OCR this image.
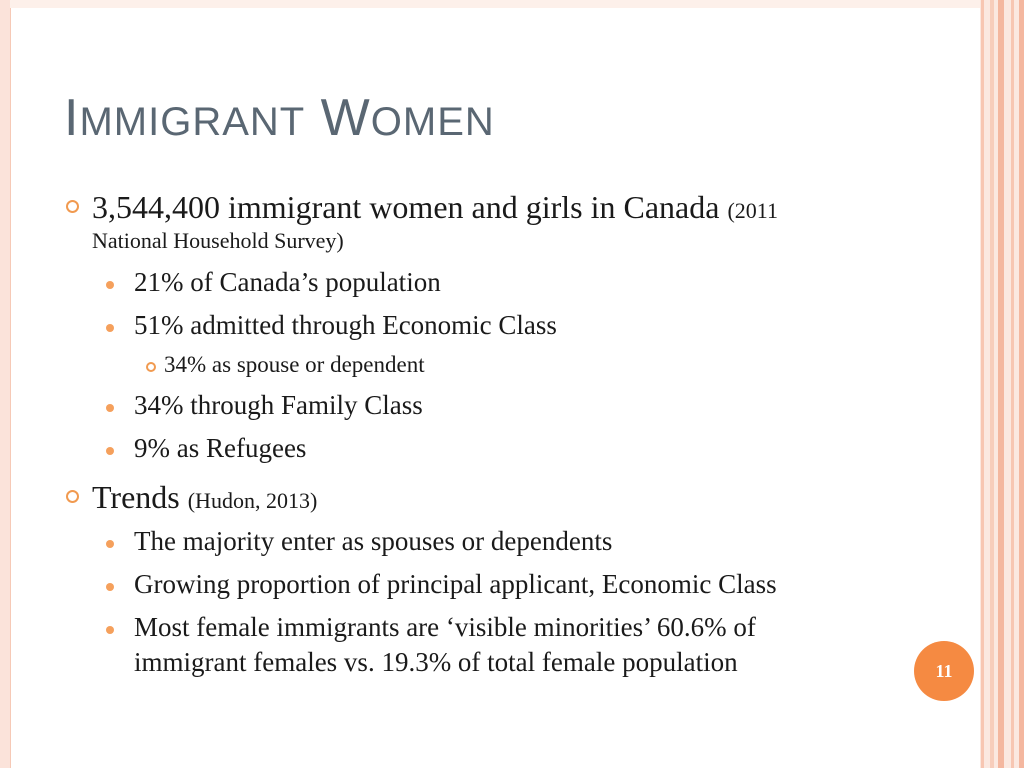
IMMIGRANT WOMEN
3,544,400 immigrant women and girls in Canada (2011
National Household Survey)
21% of Canada’s population
51% admitted through Economic Class
34% as spouse or dependent
34% through Family Class
9% as Refugees
Trends (Hudon, 2013)
The majority enter as spouses or dependents
Growing proportion of principal applicant, Economic Class
Most female immigrants are ‘visible minorities’ 60.6% of
immigrant females vs. 19.3% of total female population	11
